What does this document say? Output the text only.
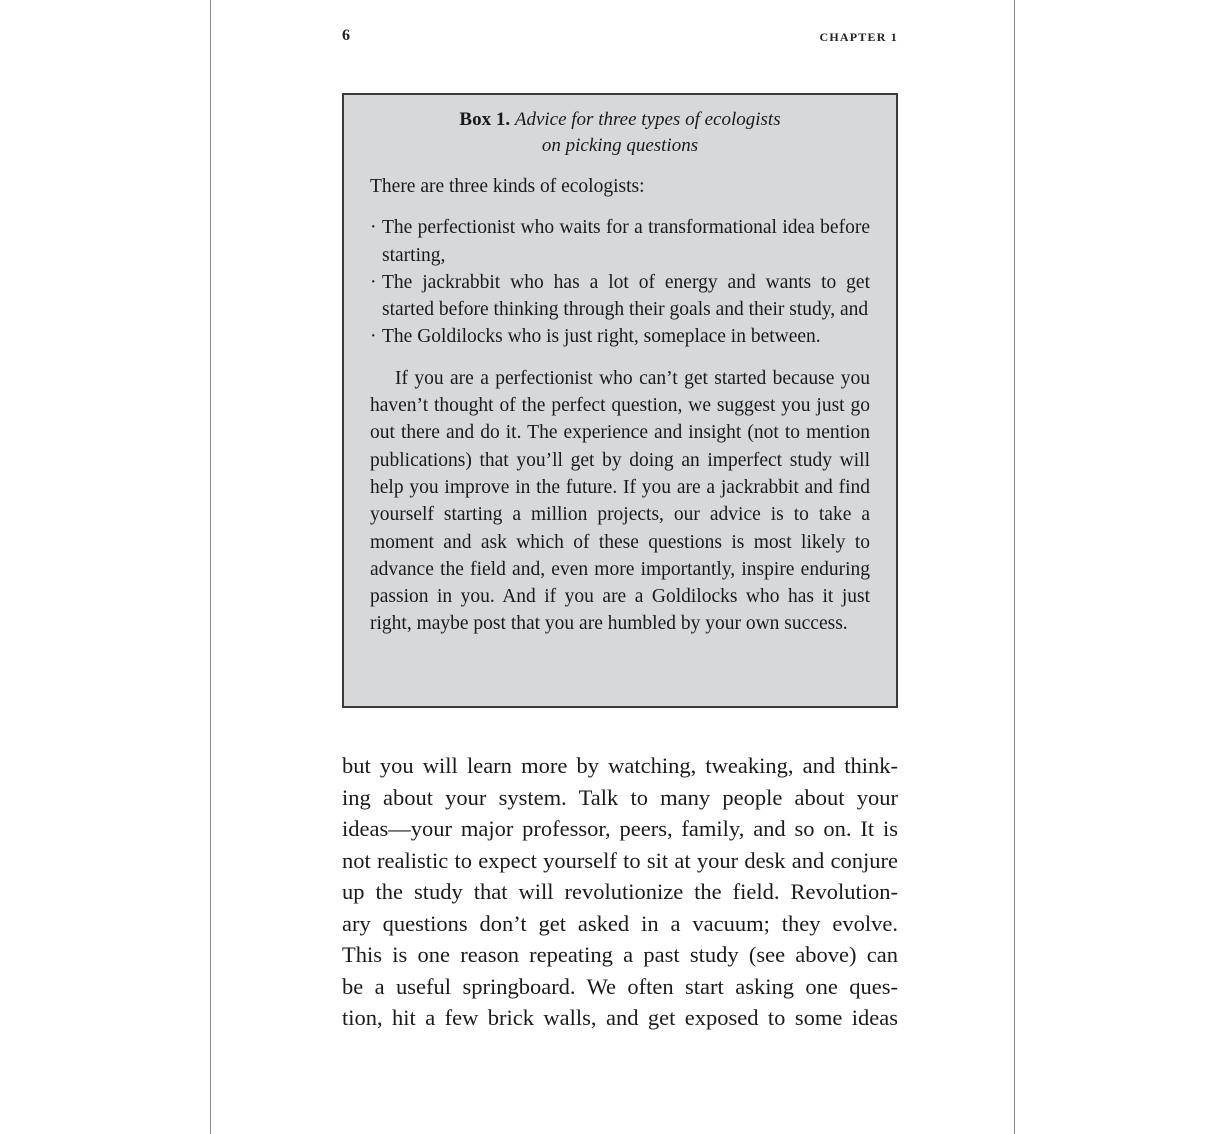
6	CHAPTER 1
Box 1. Advice for three types of ecologists
on picking questions
There are three kinds of ecologists:
· The perfectionist who waits for a transformational idea before starting,
· The jackrabbit who has a lot of energy and wants to get started before thinking through their goals and their study, and
· The Goldilocks who is just right, someplace in between.

If you are a perfectionist who can’t get started because you haven’t thought of the perfect question, we suggest you just go out there and do it. The experience and insight (not to mention publications) that you’ll get by doing an imperfect study will help you improve in the future. If you are a jackrabbit and find yourself starting a million projects, our advice is to take a moment and ask which of these questions is most likely to advance the field and, even more importantly, inspire enduring passion in you. And if you are a Goldilocks who has it just right, maybe post that you are humbled by your own success.

but you will learn more by watching, tweaking, and think-
ing about your system. Talk to many people about your
ideas—your major professor, peers, family, and so on. It is
not realistic to expect yourself to sit at your desk and conjure
up the study that will revolutionize the field. Revolution-
ary questions don’t get asked in a vacuum; they evolve.
This is one reason repeating a past study (see above) can
be a useful springboard. We often start asking one ques-
tion, hit a few brick walls, and get exposed to some ideas
